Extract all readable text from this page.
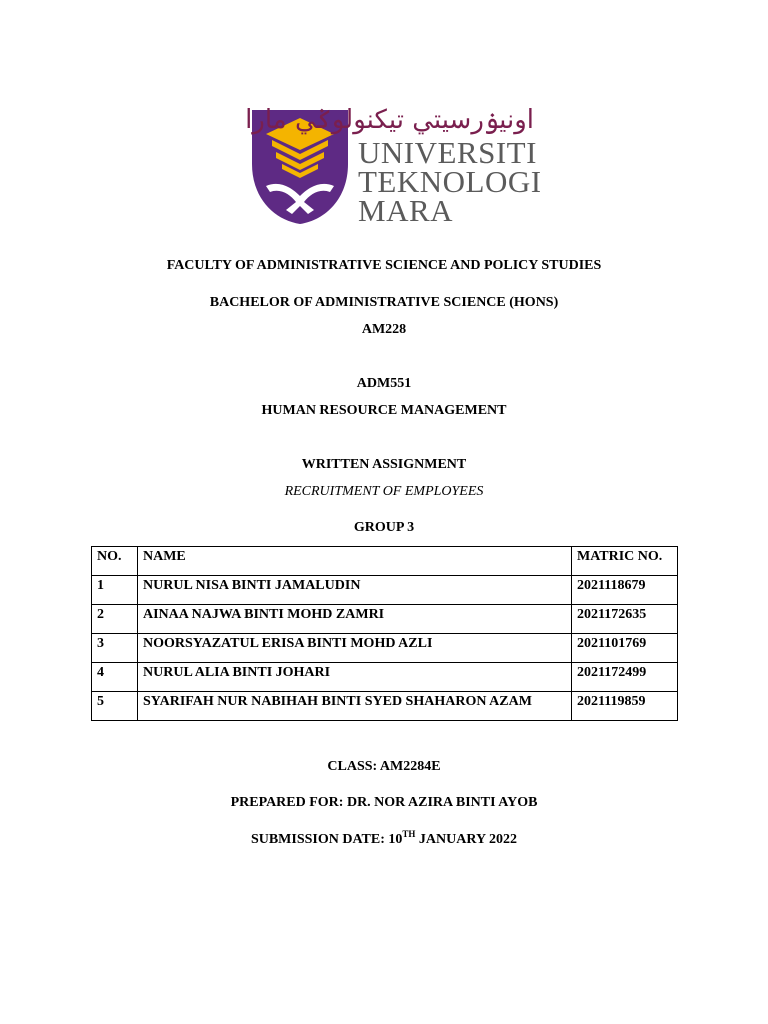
اونيۏرسيتي تيكنولوݢي مارا
UNIVERSITI
TEKNOLOGI
MARA
FACULTY OF ADMINISTRATIVE SCIENCE AND POLICY STUDIES
BACHELOR OF ADMINISTRATIVE SCIENCE (HONS)
AM228
ADM551
HUMAN RESOURCE MANAGEMENT
WRITTEN ASSIGNMENT
RECRUITMENT OF EMPLOYEES
GROUP 3
NO.	NAME	MATRIC NO.
1	NURUL NISA BINTI JAMALUDIN	2021118679
2	AINAA NAJWA BINTI MOHD ZAMRI	2021172635
3	NOORSYAZATUL ERISA BINTI MOHD AZLI	2021101769
4	NURUL ALIA BINTI JOHARI	2021172499
5	SYARIFAH NUR NABIHAH BINTI SYED SHAHARON AZAM	2021119859
CLASS: AM2284E
PREPARED FOR: DR. NOR AZIRA BINTI AYOB
SUBMISSION DATE: 10TH JANUARY 2022
